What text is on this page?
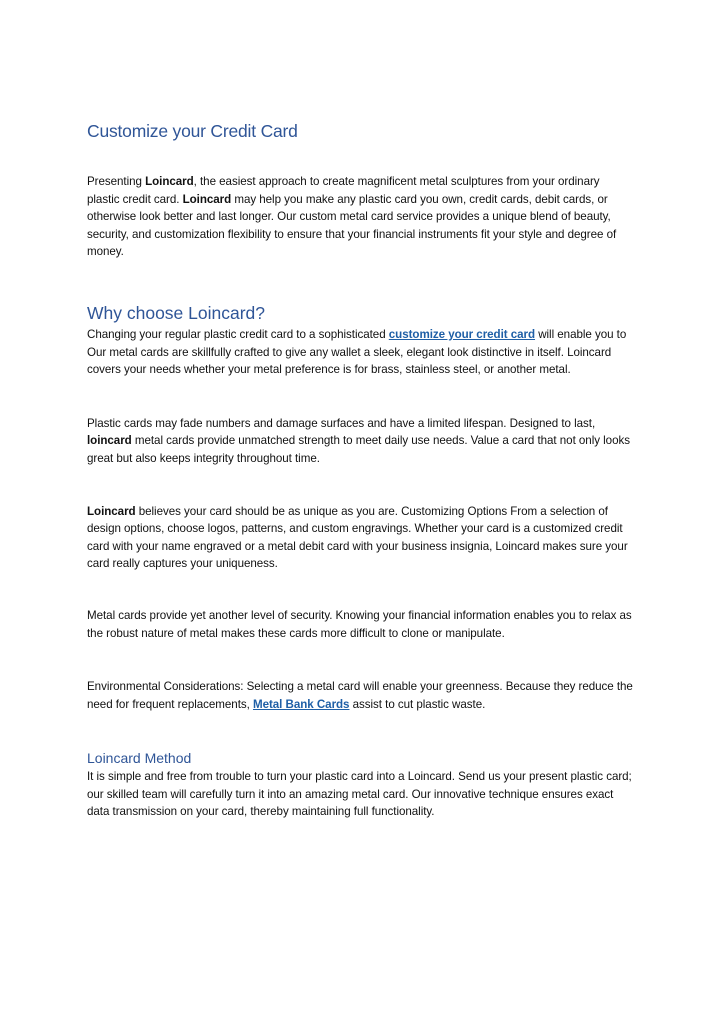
Customize your Credit Card

Presenting Loincard, the easiest approach to create magnificent metal sculptures from your ordinary plastic credit card. Loincard may help you make any plastic card you own, credit cards, debit cards, or otherwise look better and last longer. Our custom metal card service provides a unique blend of beauty, security, and customization flexibility to ensure that your financial instruments fit your style and degree of money.

Why choose Loincard?

Changing your regular plastic credit card to a sophisticated customize your credit card will enable you to Our metal cards are skillfully crafted to give any wallet a sleek, elegant look distinctive in itself. Loincard covers your needs whether your metal preference is for brass, stainless steel, or another metal.

Plastic cards may fade numbers and damage surfaces and have a limited lifespan. Designed to last, loincard metal cards provide unmatched strength to meet daily use needs. Value a card that not only looks great but also keeps integrity throughout time.

Loincard believes your card should be as unique as you are. Customizing Options From a selection of design options, choose logos, patterns, and custom engravings. Whether your card is a customized credit card with your name engraved or a metal debit card with your business insignia, Loincard makes sure your card really captures your uniqueness.

Metal cards provide yet another level of security. Knowing your financial information enables you to relax as the robust nature of metal makes these cards more difficult to clone or manipulate.

Environmental Considerations: Selecting a metal card will enable your greenness. Because they reduce the need for frequent replacements, Metal Bank Cards assist to cut plastic waste.

Loincard Method

It is simple and free from trouble to turn your plastic card into a Loincard. Send us your present plastic card; our skilled team will carefully turn it into an amazing metal card. Our innovative technique ensures exact data transmission on your card, thereby maintaining full functionality.
